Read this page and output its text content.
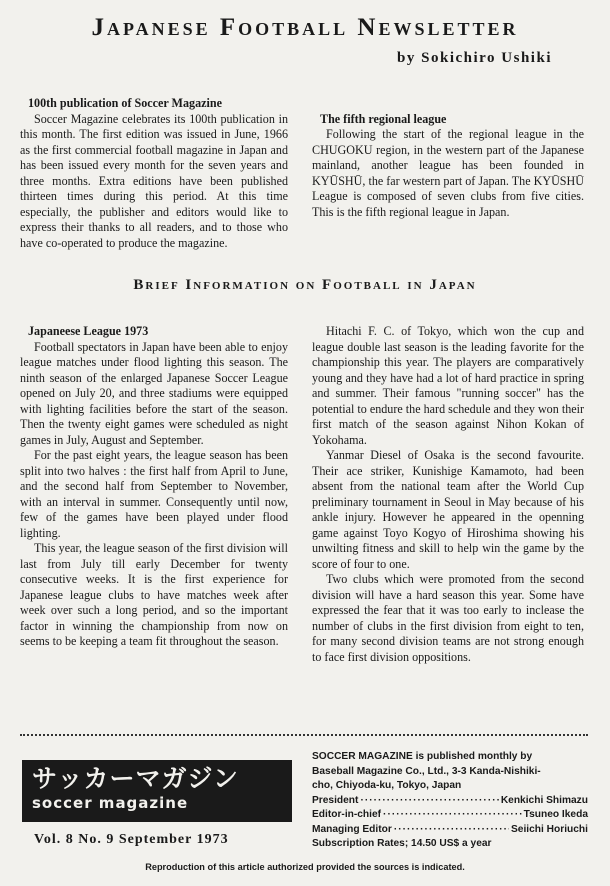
Japanese Football Newsletter
by Sokichiro Ushiki
100th publication of Soccer Magazine

Soccer Magazine celebrates its 100th publication in this month. The first edition was issued in June, 1966 as the first commercial football magazine in Japan and has been issued every month for the seven years and three months. Extra editions have been published thirteen times during this period. At this time especially, the publisher and editors would like to express their thanks to all readers, and to those who have co-operated to produce the magazine.

The fifth regional league

Following the start of the regional league in the CHUGOKU region, in the western part of the Japanese mainland, another league has been founded in KYŪSHŪ, the far western part of Japan. The KYŪSHŪ League is composed of seven clubs from five cities. This is the fifth regional league in Japan.

Brief Information on Football in Japan
Japaneese League 1973

Football spectators in Japan have been able to enjoy league matches under flood lighting this season. The ninth season of the enlarged Japanese Soccer League opened on July 20, and three stadiums were equipped with lighting facilities before the start of the season. Then the twenty eight games were scheduled as night games in July, August and September.

For the past eight years, the league season has been split into two halves : the first half from April to June, and the second half from September to November, with an interval in summer. Consequently until now, few of the games have been played under flood lighting.

This year, the league season of the first division will last from July till early December for twenty consecutive weeks. It is the first experience for Japanese league clubs to have matches week after week over such a long period, and so the important factor in winning the championship from now on seems to be keeping a team fit throughout the season.

Hitachi F. C. of Tokyo, which won the cup and league double last season is the leading favorite for the championship this year. The players are comparatively young and they have had a lot of hard practice in spring and summer. Their famous "running soccer" has the potential to endure the hard schedule and they won their first match of the season against Nihon Kokan of Yokohama.

Yanmar Diesel of Osaka is the second favourite. Their ace striker, Kunishige Kamamoto, had been absent from the national team after the World Cup preliminary tournament in Seoul in May because of his ankle injury. However he appeared in the openning game against Toyo Kogyo of Hiroshima showing his unwilting fitness and skill to help win the game by the score of four to one.

Two clubs which were promoted from the second division will have a hard season this year. Some have expressed the fear that it was too early to inclease the number of clubs in the first division from eight to ten, for many second division teams are not strong enough to face first division oppositions.

サッカーマガジン
soccer magazine
Vol. 8 No. 9 September 1973
SOCCER MAGAZINE is published monthly by
Baseball Magazine Co., Ltd., 3-3 Kanda-Nishiki-
cho, Chiyoda-ku, Tokyo, Japan
President ·····	Kenkichi Shimazu
Editor-in-chief ·····	Tsuneo Ikeda
Managing Editor ·····	Seiichi Horiuchi
Subscription Rates; 14.50 US$ a year
Reproduction of this article authorized provided the sources is indicated.
